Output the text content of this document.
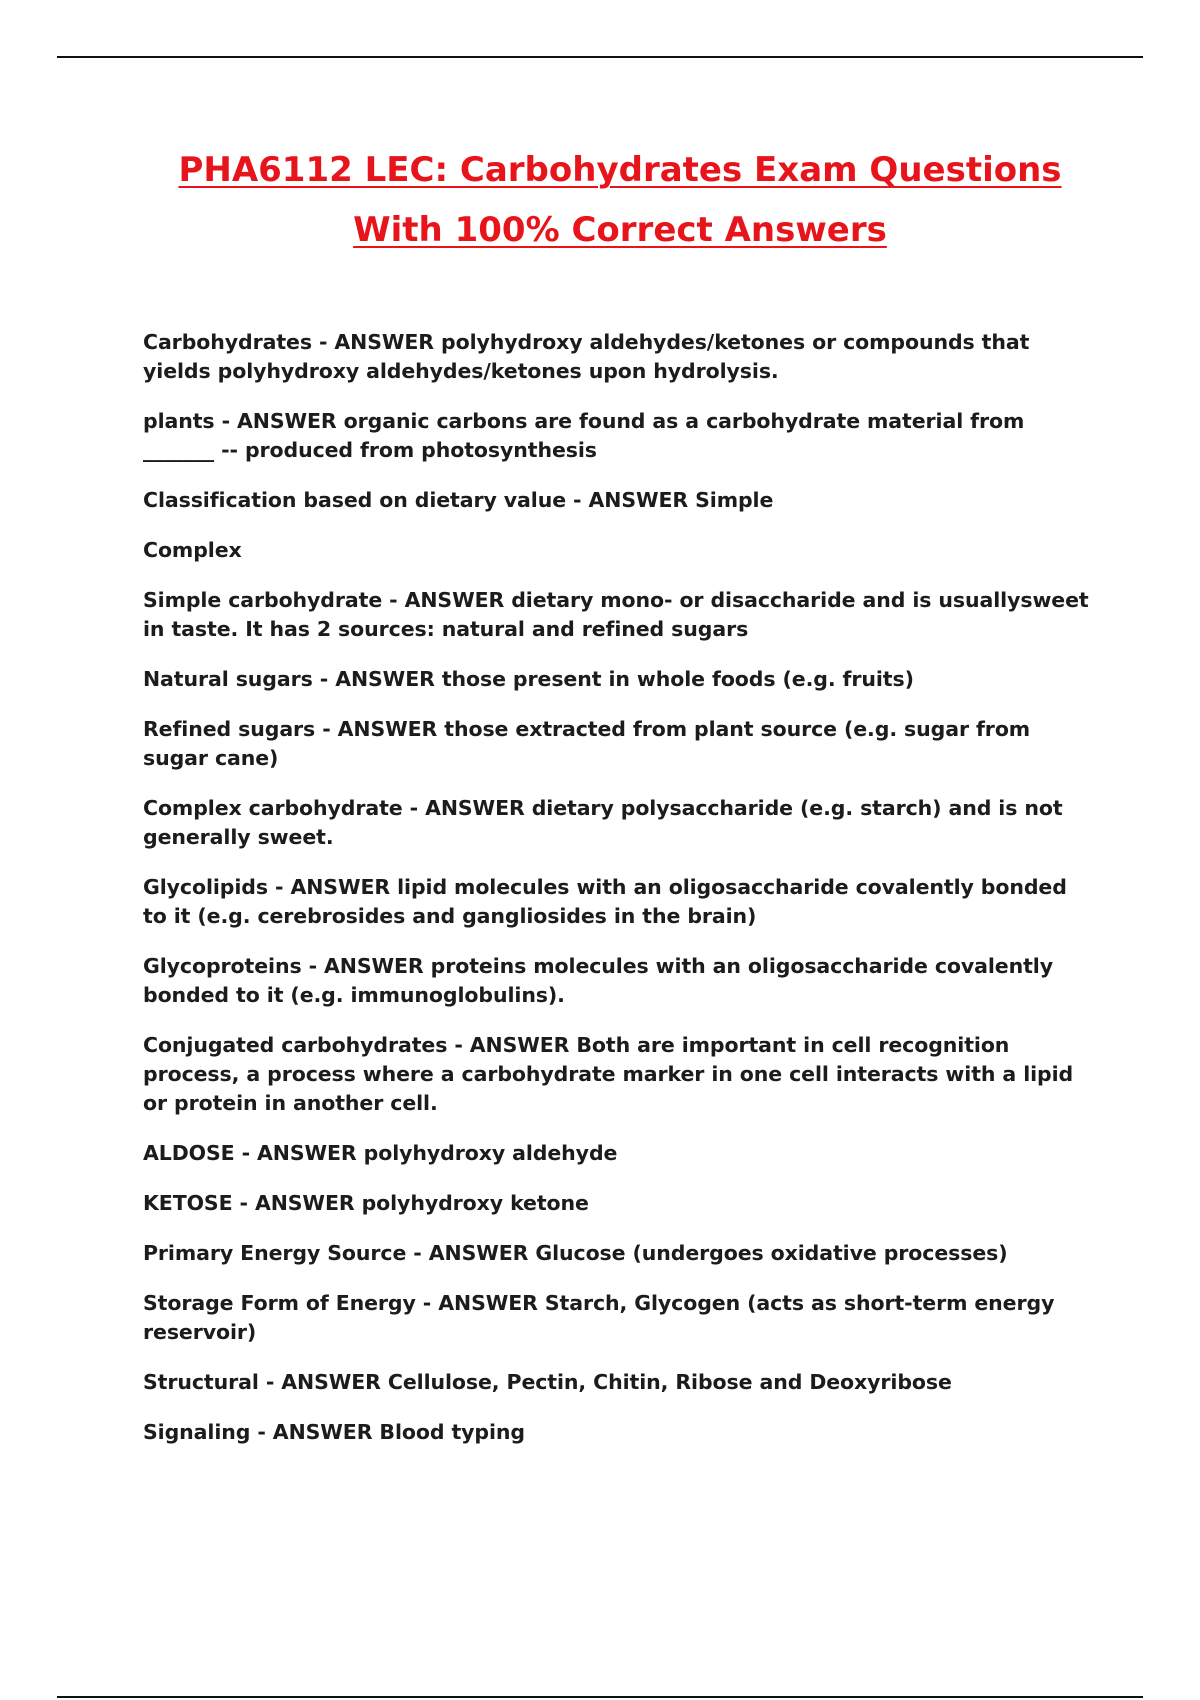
PHA6112 LEC: Carbohydrates Exam Questions
With 100% Correct Answers
Carbohydrates - ANSWER polyhydroxy aldehydes/ketones or compounds that yields polyhydroxy aldehydes/ketones upon hydrolysis.
plants - ANSWER organic carbons are found as a carbohydrate material from _______ -- produced from photosynthesis
Classification based on dietary value - ANSWER Simple
Complex
Simple carbohydrate - ANSWER dietary mono- or disaccharide and is usuallysweet in taste. It has 2 sources: natural and refined sugars
Natural sugars - ANSWER those present in whole foods (e.g. fruits)
Refined sugars - ANSWER those extracted from plant source (e.g. sugar from sugar cane)
Complex carbohydrate - ANSWER dietary polysaccharide (e.g. starch) and is not generally sweet.
Glycolipids - ANSWER lipid molecules with an oligosaccharide covalently bonded to it (e.g. cerebrosides and gangliosides in the brain)
Glycoproteins - ANSWER proteins molecules with an oligosaccharide covalently bonded to it (e.g. immunoglobulins).
Conjugated carbohydrates - ANSWER Both are important in cell recognition process, a process where a carbohydrate marker in one cell interacts with a lipid or protein in another cell.
ALDOSE - ANSWER polyhydroxy aldehyde
KETOSE - ANSWER polyhydroxy ketone
Primary Energy Source - ANSWER Glucose (undergoes oxidative processes)
Storage Form of Energy - ANSWER Starch, Glycogen (acts as short-term energy reservoir)
Structural - ANSWER Cellulose, Pectin, Chitin, Ribose and Deoxyribose
Signaling - ANSWER Blood typing
